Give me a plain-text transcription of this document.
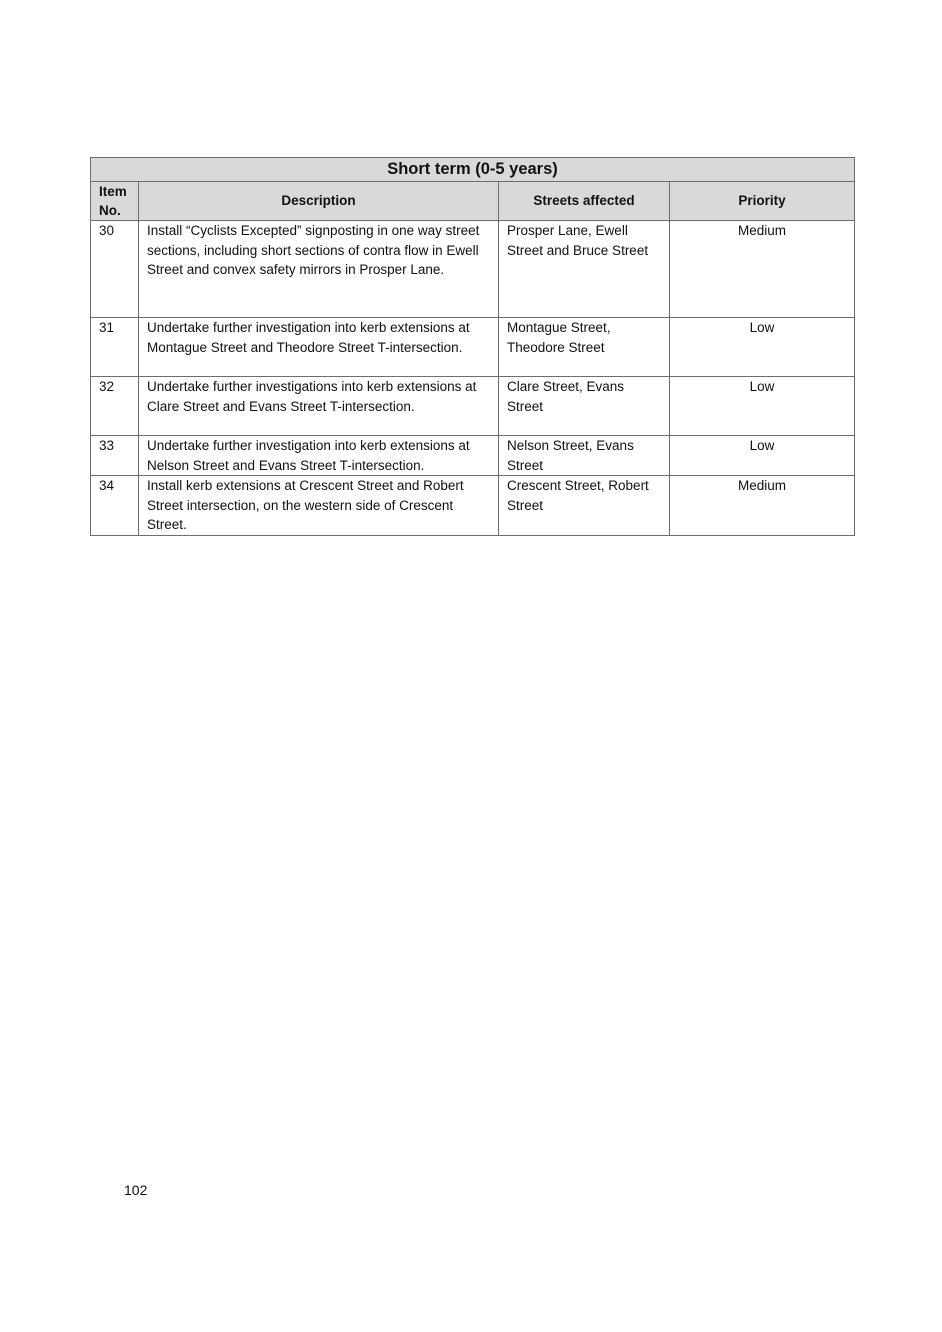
Short term (0-5 years)			
Item No.	Description	Streets affected	Priority
30	Install “Cyclists Excepted” signposting in one way street sections, including short sections of contra flow in Ewell Street and convex safety mirrors in Prosper Lane.	Prosper Lane, Ewell Street and Bruce Street	Medium
31	Undertake further investigation into kerb extensions at Montague Street and Theodore Street T-intersection.	Montague Street, Theodore Street	Low
32	Undertake further investigations into kerb extensions at Clare Street and Evans Street T-intersection.	Clare Street, Evans Street	Low
33	Undertake further investigation into kerb extensions at Nelson Street and Evans Street T-intersection.	Nelson Street, Evans Street	Low
34	Install kerb extensions at Crescent Street and Robert Street intersection, on the western side of Crescent Street.	Crescent Street, Robert Street	Medium
102
